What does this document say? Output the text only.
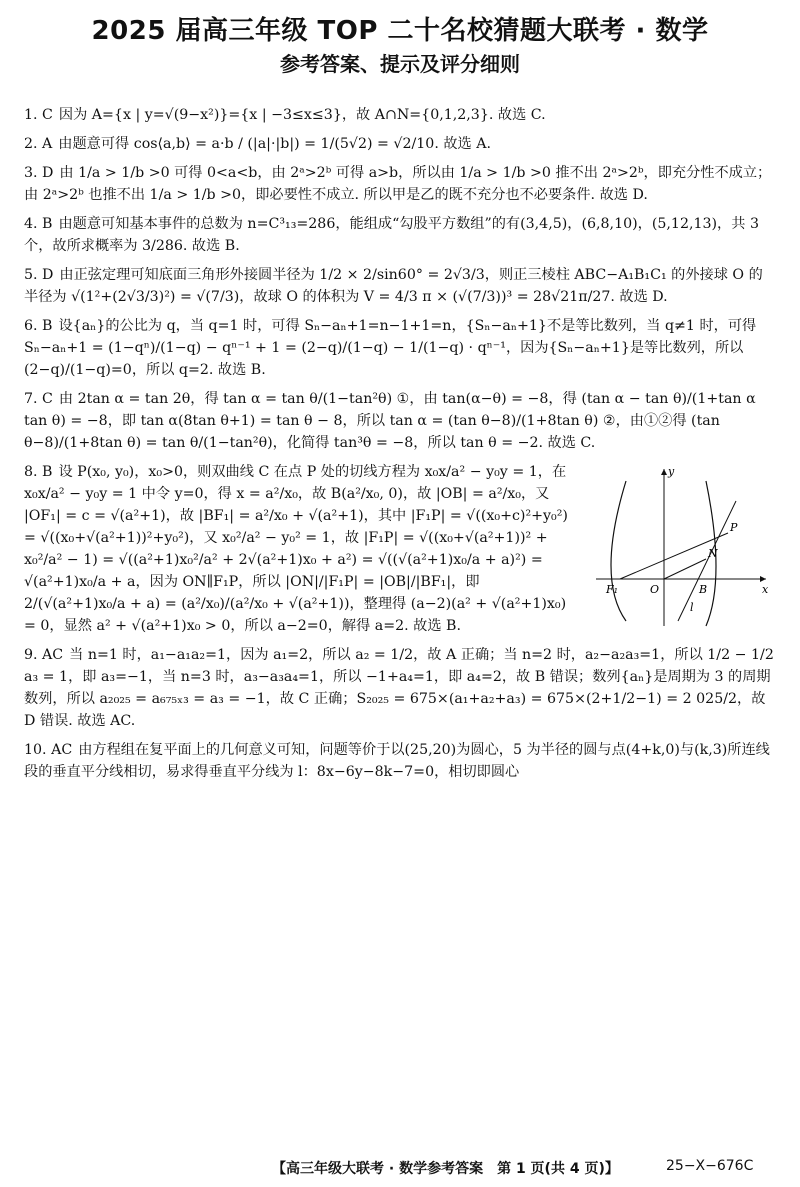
2025 届高三年级 TOP 二十名校猜题大联考 · 数学
参考答案、提示及评分细则

1. C 因为 A={x | y=√(9−x²)}={x | −3≤x≤3}，故 A∩N={0,1,2,3}. 故选 C.

2. A 由题意可得 cos⟨a,b⟩ = a·b / (|a|·|b|) = 1/(5√2) = √2/10. 故选 A.

3. D 由 1/a > 1/b >0 可得 0<a<b，由 2ᵃ>2ᵇ 可得 a>b，所以由 1/a > 1/b >0 推不出 2ᵃ>2ᵇ，即充分性不成立；由 2ᵃ>2ᵇ 也推不出 1/a > 1/b >0，即必要性不成立. 所以甲是乙的既不充分也不必要条件. 故选 D.

4. B 由题意可知基本事件的总数为 n=C³₁₃=286，能组成“勾股平方数组”的有(3,4,5)，(6,8,10)，(5,12,13)，共 3 个，故所求概率为 3/286. 故选 B.

5. D 由正弦定理可知底面三角形外接圆半径为 1/2 × 2/sin60° = 2√3/3，则正三棱柱 ABC−A₁B₁C₁ 的外接球 O 的半径为 √(1²+(2√3/3)²) = √(7/3)，故球 O 的体积为 V = 4/3 π × (√(7/3))³ = 28√21π/27. 故选 D.

6. B 设{aₙ}的公比为 q，当 q=1 时，可得 Sₙ−aₙ+1=n−1+1=n，{Sₙ−aₙ+1}不是等比数列，当 q≠1 时，可得 Sₙ−aₙ+1 = (1−qⁿ)/(1−q) − qⁿ⁻¹ + 1 = (2−q)/(1−q) − 1/(1−q) · qⁿ⁻¹，因为{Sₙ−aₙ+1}是等比数列，所以 (2−q)/(1−q)=0，所以 q=2. 故选 B.

7. C 由 2tan α = tan 2θ，得 tan α = tan θ/(1−tan²θ) ①，由 tan(α−θ) = −8，得 (tan α − tan θ)/(1+tan α tan θ) = −8，即 tan α(8tan θ+1) = tan θ − 8，所以 tan α = (tan θ−8)/(1+8tan θ) ②，由①②得 (tan θ−8)/(1+8tan θ) = tan θ/(1−tan²θ)，化简得 tan³θ = −8，所以 tan θ = −2. 故选 C.

8. B 设 P(x₀, y₀)，x₀>0，则双曲线 C 在点 P 处的切线方程为 x₀x/a² − y₀y = 1，在 x₀x/a² − y₀y = 1 中令 y=0，得 x = a²/x₀，故 B(a²/x₀, 0)，故 |OB| = a²/x₀，又 |OF₁| = c = √(a²+1)，故 |BF₁| = a²/x₀ + √(a²+1)，其中 |F₁P| = √((x₀+c)²+y₀²) = √((x₀+√(a²+1))²+y₀²)，又 x₀²/a² − y₀² = 1，故 |F₁P| = √((x₀+√(a²+1))² + x₀²/a² − 1) = √((a²+1)x₀²/a² + 2√(a²+1)x₀ + a²) = √((√(a²+1)x₀/a + a)²) = √(a²+1)x₀/a + a，因为 ON∥F₁P，所以 |ON|/|F₁P| = |OB|/|BF₁|，即 2/(√(a²+1)x₀/a + a) = (a²/x₀)/(a²/x₀ + √(a²+1))，整理得 (a−2)(a² + √(a²+1)x₀) = 0，显然 a² + √(a²+1)x₀ > 0，所以 a−2=0，解得 a=2. 故选 B.

y
x
P
N
F₁	O	B
l

9. AC 当 n=1 时，a₁−a₁a₂=1，因为 a₁=2，所以 a₂ = 1/2，故 A 正确；当 n=2 时，a₂−a₂a₃=1，所以 1/2 − 1/2 a₃ = 1，即 a₃=−1，当 n=3 时，a₃−a₃a₄=1，所以 −1+a₄=1，即 a₄=2，故 B 错误；数列{aₙ}是周期为 3 的周期数列，所以 a₂₀₂₅ = a₆₇₅ₓ₃ = a₃ = −1，故 C 正确；S₂₀₂₅ = 675×(a₁+a₂+a₃) = 675×(2+1/2−1) = 2 025/2，故 D 错误. 故选 AC.

10. AC 由方程组在复平面上的几何意义可知，问题等价于以(25,20)为圆心，5 为半径的圆与点(4+k,0)与(k,3)所连线段的垂直平分线相切，易求得垂直平分线为 l：8x−6y−8k−7=0，相切即圆心

【高三年级大联考 · 数学参考答案　第 1 页(共 4 页)】	25−X−676C
